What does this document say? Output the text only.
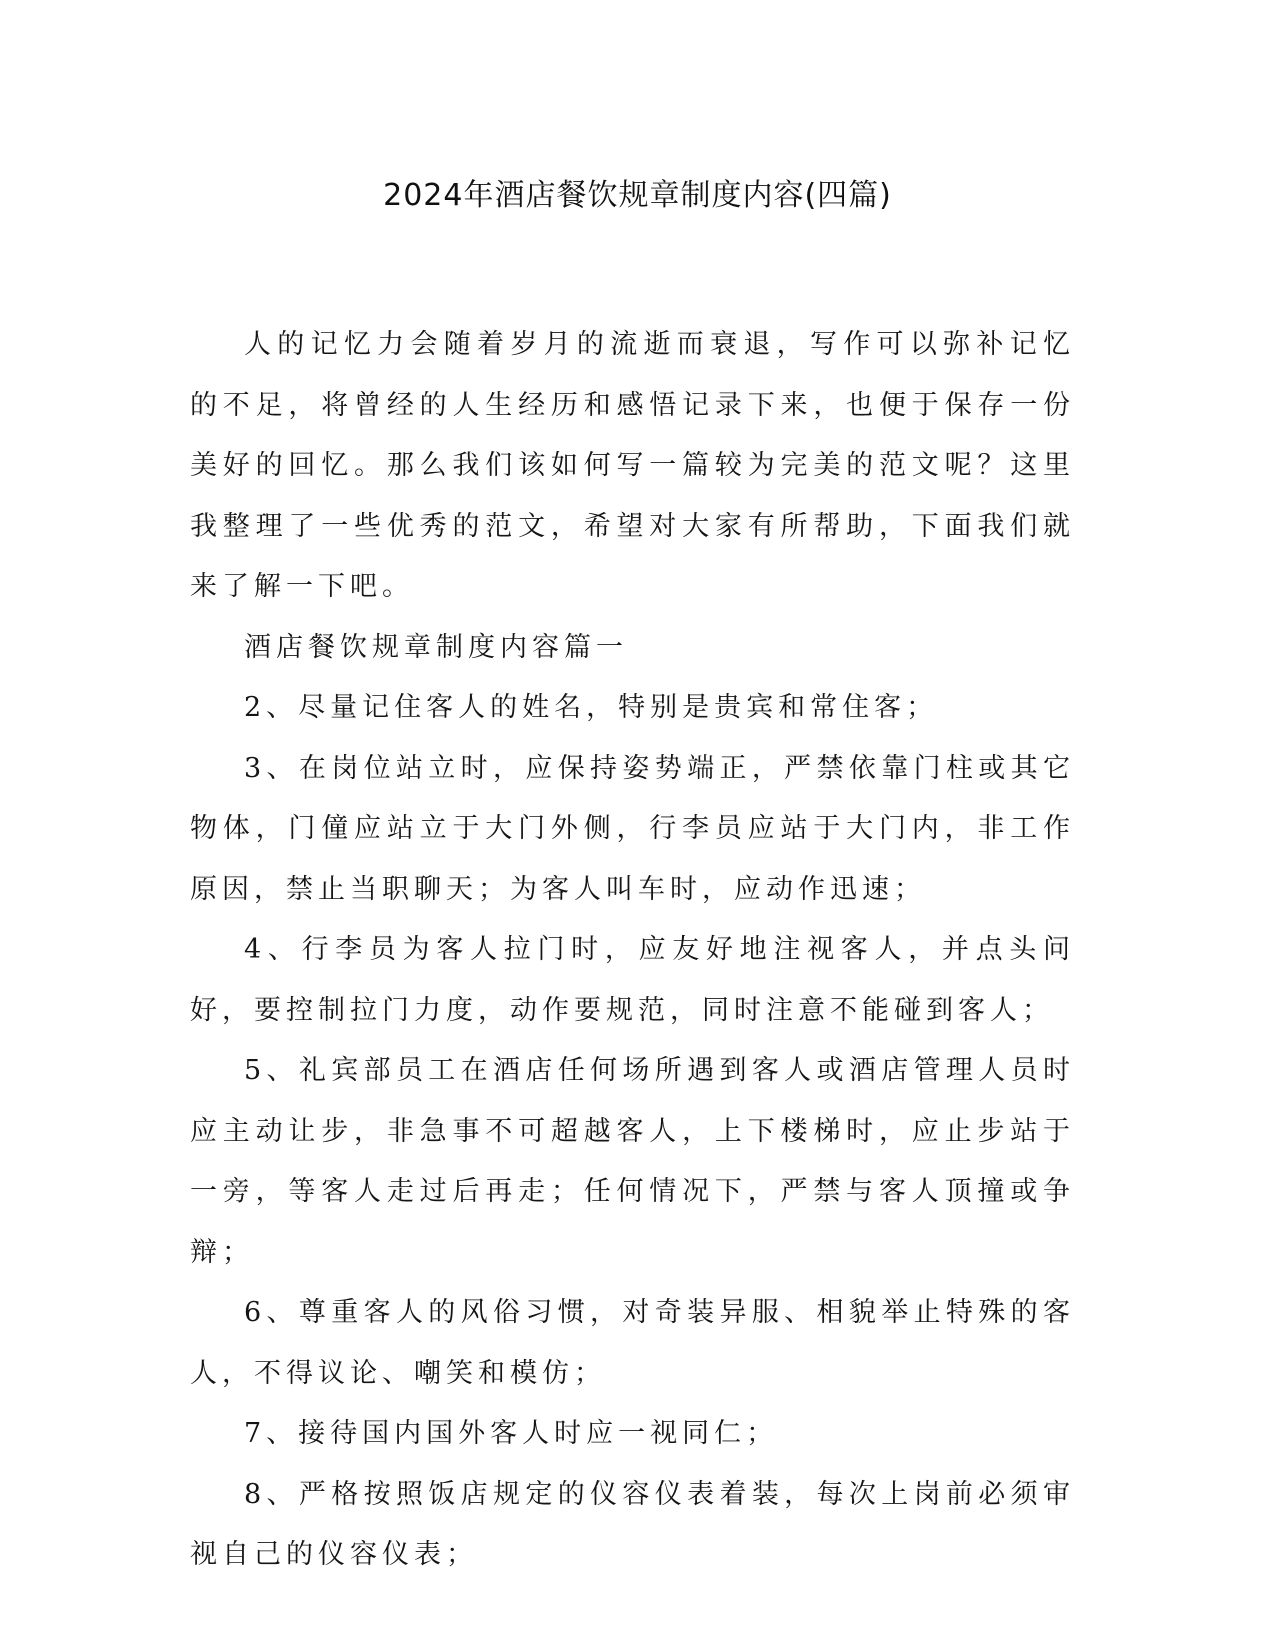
2024年酒店餐饮规章制度内容(四篇)

人的记忆力会随着岁月的流逝而衰退，写作可以弥补记忆的不足，将曾经的人生经历和感悟记录下来，也便于保存一份美好的回忆。那么我们该如何写一篇较为完美的范文呢？这里我整理了一些优秀的范文，希望对大家有所帮助，下面我们就来了解一下吧。

酒店餐饮规章制度内容篇一

2、尽量记住客人的姓名，特别是贵宾和常住客；

3、在岗位站立时，应保持姿势端正，严禁依靠门柱或其它物体，门僮应站立于大门外侧，行李员应站于大门内，非工作原因，禁止当职聊天；为客人叫车时，应动作迅速；

4、行李员为客人拉门时，应友好地注视客人，并点头问好，要控制拉门力度，动作要规范，同时注意不能碰到客人；

5、礼宾部员工在酒店任何场所遇到客人或酒店管理人员时应主动让步，非急事不可超越客人，上下楼梯时，应止步站于一旁，等客人走过后再走；任何情况下，严禁与客人顶撞或争辩；

6、尊重客人的风俗习惯，对奇装异服、相貌举止特殊的客人，不得议论、嘲笑和模仿；

7、接待国内国外客人时应一视同仁；

8、严格按照饭店规定的仪容仪表着装，每次上岗前必须审视自己的仪容仪表；
